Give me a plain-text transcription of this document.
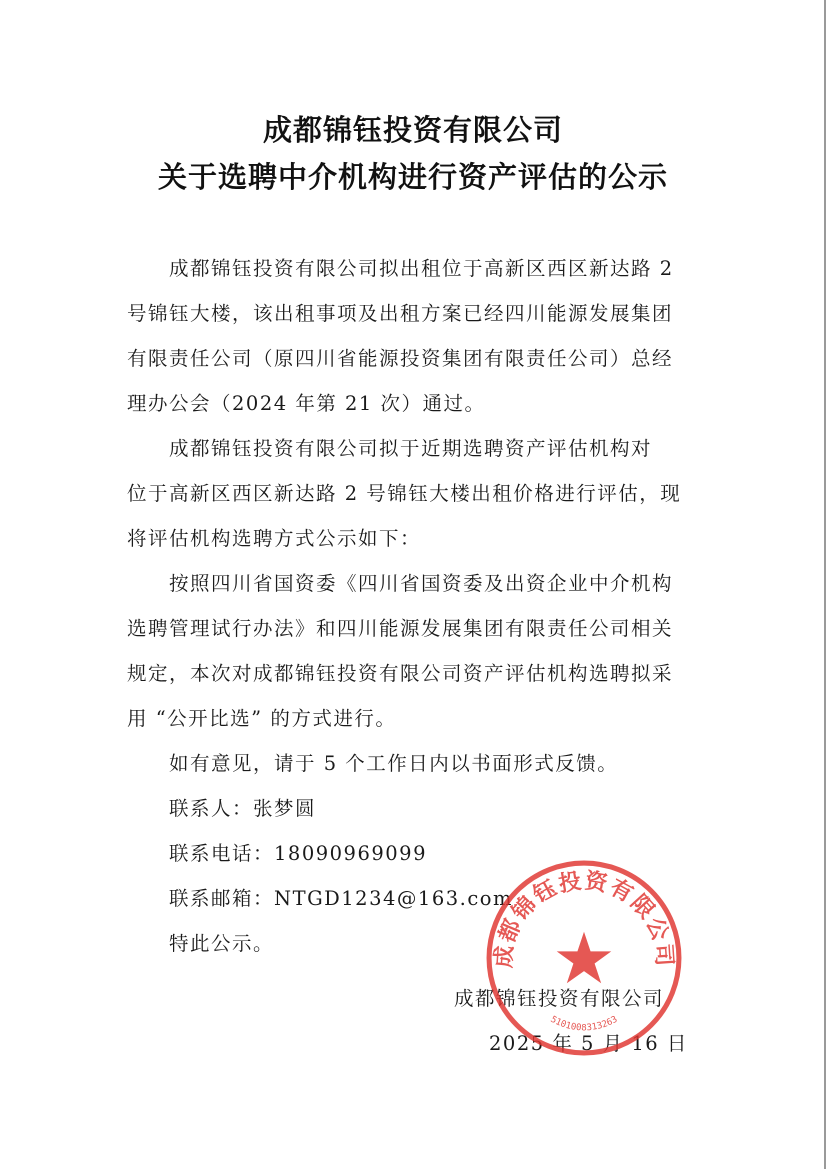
成都锦钰投资有限公司
关于选聘中介机构进行资产评估的公示
成都锦钰投资有限公司拟出租位于高新区西区新达路 2
号锦钰大楼，该出租事项及出租方案已经四川能源发展集团
有限责任公司（原四川省能源投资集团有限责任公司）总经
理办公会（2024 年第 21 次）通过。
成都锦钰投资有限公司拟于近期选聘资产评估机构对
位于高新区西区新达路 2 号锦钰大楼出租价格进行评估，现
将评估机构选聘方式公示如下：
按照四川省国资委《四川省国资委及出资企业中介机构
选聘管理试行办法》和四川能源发展集团有限责任公司相关
规定，本次对成都锦钰投资有限公司资产评估机构选聘拟采
用 “公开比选” 的方式进行。
如有意见，请于 5 个工作日内以书面形式反馈。
联系人：张梦圆
联系电话：18090969099
联系邮箱：NTGD1234@163.com
特此公示。
成都锦钰投资有限公司
2025 年 5 月 16 日
成都锦钰投资有限公司
5101008313263
